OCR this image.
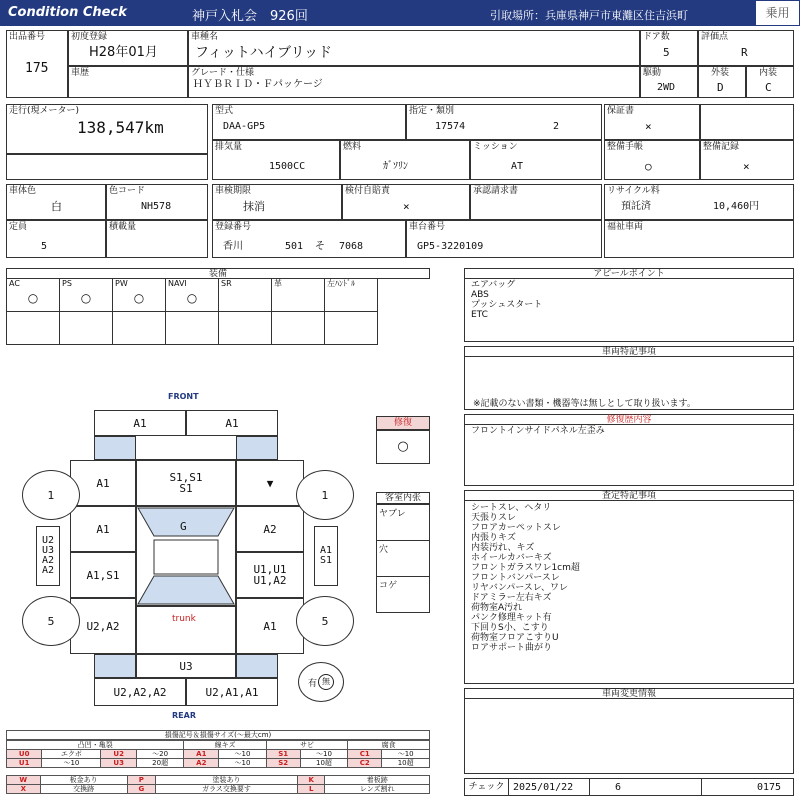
Condition Check	神戸入札会　926回	引取場所：兵庫県神戸市東灘区住吉浜町	乗用
出品番号
175
初度登録
H28年01月
車歴
車種名
フィットハイブリッド
グレード・仕様
ＨＹＢＲＩＤ・Ｆパッケージ
ドア数
5
評価点
R
駆動
2WD
外装
D
内装
C
走行(現メーター)
138,547km
型式
DAA-GP5
指定・類別
17574	2
排気量
1500CC
燃料
ｶﾞｿﾘﾝ
ミッション
AT
保証書
×
整備手帳
○
整備記録
×
車体色
白
色コード
NH578
定員
5
積載量
車検期限
抹消
検付自賠責
×
承認請求書
登録番号
香川	501 そ 7068
車台番号
GP5-3220109
リサイクル料
預託済	10,460円
福祉車両
装備
AC
○
PS
○
PW
○
NAVI
○
SR	革	左ﾊﾝﾄﾞﾙ
アピールポイント
エアバッグ
ABS
プッシュスタート
ETC
車両特記事項
※記載のない書類・機器等は無しとして取り扱います。
修復歴内容
フロントインサイドパネル左歪み
査定特記事項
シートスレ、ヘタリ
天張りスレ
フロアカーペットスレ
内張りキズ
内装汚れ、キズ
ホイールカバーキズ
フロントガラスワレ1cm超
フロントバンパースレ
リヤバンパースレ、ワレ
ドアミラー左右キズ
荷物室A汚れ
パンク修理キット有
下回りS小、こすり
荷物室フロアこすりU
ロアサポート曲がり
車両変更情報
チェック 2025/01/22	6	0175
修復
○
客室内张
ヤブレ
穴
コゲ
FRONT
A1	A1
A1	S1,S1
S1	▼
A1	G	A2
A1,S1	U1,U1
U1,A2
U2,A2
trunk
A1
U3
U2,A2,A2	U2,A1,A1
REAR
U2
U3
A2
A2
A1
S1
1	1
5	5
有 無
損傷記号＆損傷サイズ(〜最大cm)
凸凹・亀裂				線キズ		サビ		腐食	
U0	エクボ	U2	〜20	A1	〜10	S1	〜10	C1	〜10
U1	〜10	U3	20超	A2	〜10	S2	10超	C2	10超
W	板金あり	P	塗装あり	K	着板跡
X	交換跡	G	ガラス交換要す	L	レンズ割れ
